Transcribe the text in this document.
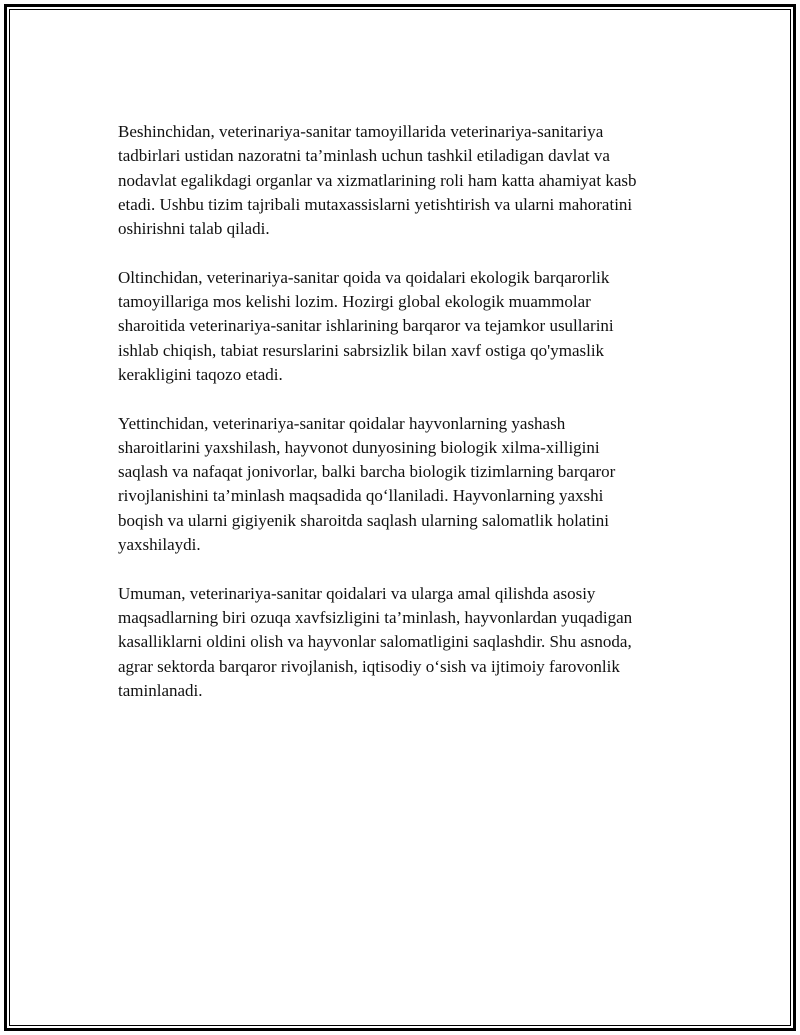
Beshinchidan, veterinariya-sanitar tamoyillarida veterinariya-sanitariya
tadbirlari ustidan nazoratni ta’minlash uchun tashkil etiladigan davlat va
nodavlat egalikdagi organlar va xizmatlarining roli ham katta ahamiyat kasb
etadi. Ushbu tizim tajribali mutaxassislarni yetishtirish va ularni mahoratini
oshirishni talab qiladi.

Oltinchidan, veterinariya-sanitar qoida va qoidalari ekologik barqarorlik
tamoyillariga mos kelishi lozim. Hozirgi global ekologik muammolar
sharoitida veterinariya-sanitar ishlarining barqaror va tejamkor usullarini
ishlab chiqish, tabiat resurslarini sabrsizlik bilan xavf ostiga qo'ymaslik
kerakligini taqozo etadi.

Yettinchidan, veterinariya-sanitar qoidalar hayvonlarning yashash
sharoitlarini yaxshilash, hayvonot dunyosining biologik xilma-xilligini
saqlash va nafaqat jonivorlar, balki barcha biologik tizimlarning barqaror
rivojlanishini ta’minlash maqsadida qo‘llaniladi. Hayvonlarning yaxshi
boqish va ularni gigiyenik sharoitda saqlash ularning salomatlik holatini
yaxshilaydi.

Umuman, veterinariya-sanitar qoidalari va ularga amal qilishda asosiy
maqsadlarning biri ozuqa xavfsizligini ta’minlash, hayvonlardan yuqadigan
kasalliklarni oldini olish va hayvonlar salomatligini saqlashdir. Shu asnoda,
agrar sektorda barqaror rivojlanish, iqtisodiy o‘sish va ijtimoiy farovonlik
taminlanadi.
